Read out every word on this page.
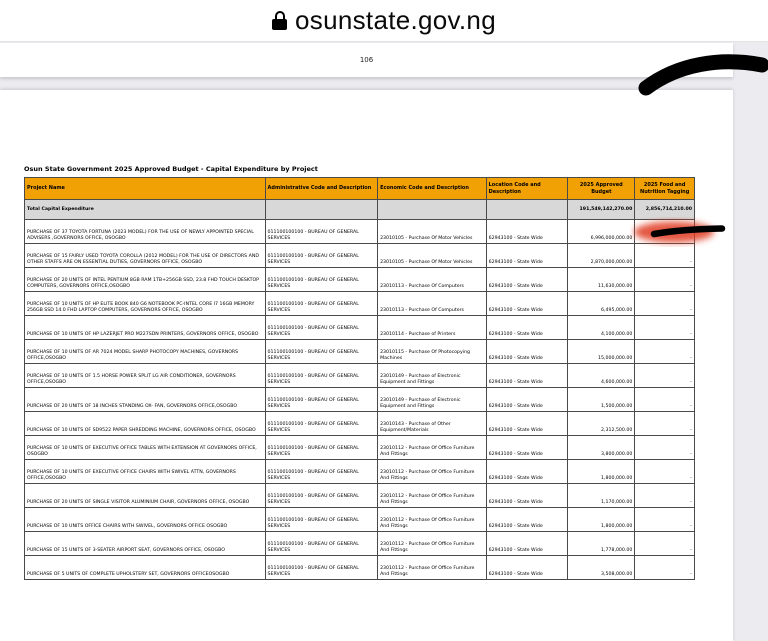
osunstate.gov.ng
106
Osun State Government 2025 Approved Budget - Capital Expenditure by Project
Project Name	Administrative Code and Description	Economic Code and Description	Location Code and Description	2025 Approved Budget	2025 Food and Nutrition Tagging
Total Capital Expenditure				191,549,142,270.00	2,856,714,210.00
PURCHASE OF 37 TOYOTA FORTUNA (2023 MODEL) FOR THE USE OF NEWLY APPOINTED SPECIAL ADVISERS ,GOVERNORS OFFICE, OSOGBO	011100100100 - BUREAU OF GENERAL SERVICES	23010105 - Purchase Of Motor Vehicles	62943100 - State Wide	6,996,000,000.00	-
PURCHASE OF 15 FAIRLY USED TOYOTA COROLLA (2012 MODEL) FOR THE USE OF DIRECTORS AND OTHER STAFFS ARE ON ESSENTIAL DUTIES, GOVERNORS OFFICE, OSOGBO	011100100100 - BUREAU OF GENERAL SERVICES	23010105 - Purchase Of Motor Vehicles	62943100 - State Wide	2,870,000,000.00	-
PURCHASE OF 20 UNITS OF INTEL PENTIUM 8GB RAM 1TB+256GB SSD, 23.8 FHD TOUCH DESKTOP COMPUTERS, GOVERNORS OFFICE,OSOGBO	011100100100 - BUREAU OF GENERAL SERVICES	23010113 - Purchase Of Computers	62943100 - State Wide	11,630,000.00	-
PURCHASE OF 10 UNITS OF HP ELITE BOOK 840 G6 NOTEBOOK PC-INTEL CORE I7 16GB MEMORY 256GB SSD 14.0 FHD LAPTOP COMPUTERS, GOVERNORS OFFICE, OSOGBO	011100100100 - BUREAU OF GENERAL SERVICES	23010113 - Purchase Of Computers	62943100 - State Wide	6,495,000.00	-
PURCHASE OF 10 UNITS OF HP LAZERJET PRO M227SDN PRINTERS, GOVERNORS OFFICE, OSOGBO	011100100100 - BUREAU OF GENERAL SERVICES	23010114 - Purchase of Printers	62943100 - State Wide	4,100,000.00	-
PURCHASE OF 10 UNITS OF AR 7024 MODEL SHARP PHOTOCOPY MACHINES, GOVERNORS OFFICE,OSOGBO	011100100100 - BUREAU OF GENERAL SERVICES	23010115 - Purchase Of Photocopying Machines	62943100 - State Wide	15,000,000.00	-
PURCHASE OF 10 UNITS OF 1.5 HORSE POWER SPLIT LG AIR CONDITIONER, GOVERNORS OFFICE,OSOGBO	011100100100 - BUREAU OF GENERAL SERVICES	23010149 - Purchase of Electronic Equipment and Fittings	62943100 - State Wide	4,600,000.00	-
PURCHASE OF 20 UNITS OF 18 INCHES STANDING OX- FAN, GOVERNORS OFFICE,OSOGBO	011100100100 - BUREAU OF GENERAL SERVICES	23010149 - Purchase of Electronic Equipment and Fittings	62943100 - State Wide	1,500,000.00	-
PURCHASE OF 10 UNITS OF SD9522 PAPER SHREDDING MACHINE, GOVERNORS OFFICE, OSOGBO	011100100100 - BUREAU OF GENERAL SERVICES	23010143 - Purchase of Other Equipment/Materials	62943100 - State Wide	2,312,500.00	-
PURCHASE OF 10 UNITS OF EXECUTIVE OFFICE TABLES WITH EXTENSION AT GOVERNORS OFFICE, OSOGBO	011100100100 - BUREAU OF GENERAL SERVICES	23010112 - Purchase Of Office Furniture And Fittings	62943100 - State Wide	3,800,000.00	-
PURCHASE OF 10 UNITS OF EXECUTIVE OFFICE CHAIRS WITH SWIVEL ATTN, GOVERNORS OFFICE,OSOGBO	011100100100 - BUREAU OF GENERAL SERVICES	23010112 - Purchase Of Office Furniture And Fittings	62943100 - State Wide	1,800,000.00	-
PURCHASE OF 20 UNITS OF SINGLE VISITOR ALUMINIUM CHAIR, GOVERNORS OFFICE, OSOGBO	011100100100 - BUREAU OF GENERAL SERVICES	23010112 - Purchase Of Office Furniture And Fittings	62943100 - State Wide	1,170,000.00	-
PURCHASE OF 10 UNITS OFFICE CHAIRS WITH SWIVEL, GOVERNORS OFFICE OSOGBO	011100100100 - BUREAU OF GENERAL SERVICES	23010112 - Purchase Of Office Furniture And Fittings	62943100 - State Wide	1,800,000.00	-
PURCHASE OF 15 UNITS OF 3-SEATER AIRPORT SEAT, GOVERNORS OFFICE, OSOGBO	011100100100 - BUREAU OF GENERAL SERVICES	23010112 - Purchase Of Office Furniture And Fittings	62943100 - State Wide	1,778,000.00	-
PURCHASE OF 5 UNITS OF COMPLETE UPHOLSTERY SET, GOVERNORS OFFICEOSOGBO	011100100100 - BUREAU OF GENERAL SERVICES	23010112 - Purchase Of Office Furniture And Fittings	62943100 - State Wide	3,508,000.00	-
